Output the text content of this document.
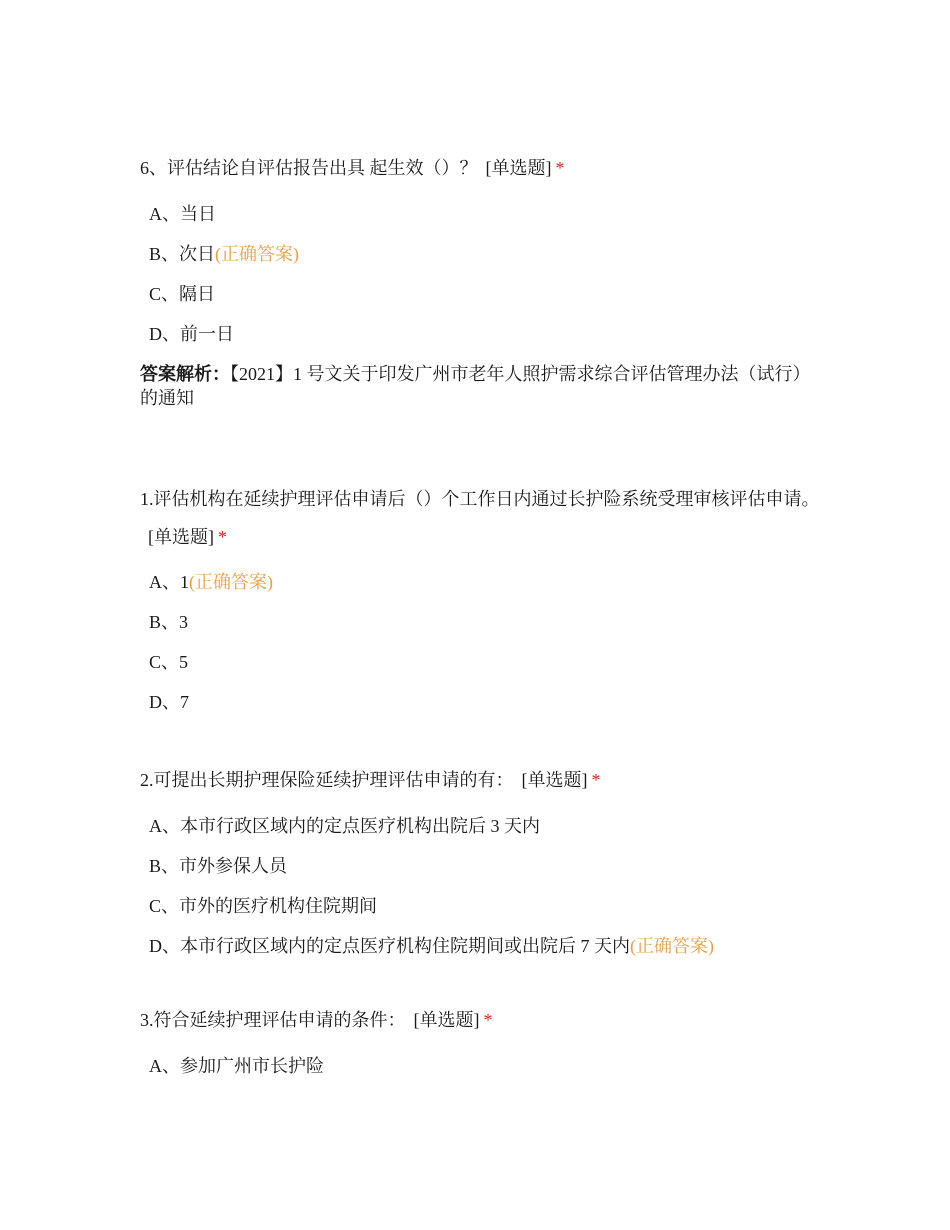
6、评估结论自评估报告出具 起生效（）？ [单选题] *

A、当日
B、次日(正确答案)
C、隔日
D、前一日
答案解析：【2021】1 号文关于印发广州市老年人照护需求综合评估管理办法（试行）的通知

1.评估机构在延续护理评估申请后（）个工作日内通过长护险系统受理审核评估申请。[单选题] *

A、1(正确答案)
B、3
C、5
D、7

2.可提出长期护理保险延续护理评估申请的有： [单选题] *

A、本市行政区域内的定点医疗机构出院后 3 天内
B、市外参保人员
C、市外的医疗机构住院期间
D、本市行政区域内的定点医疗机构住院期间或出院后 7 天内(正确答案)

3.符合延续护理评估申请的条件： [单选题] *

A、参加广州市长护险
